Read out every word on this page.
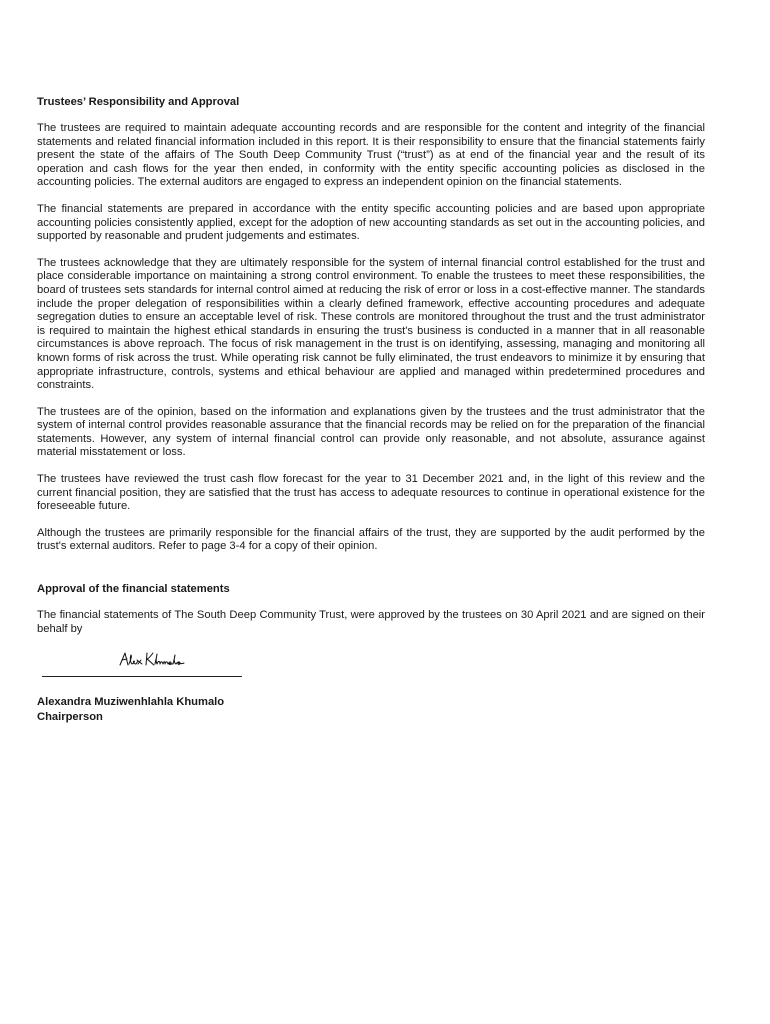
Trustees’ Responsibility and Approval

The trustees are required to maintain adequate accounting records and are responsible for the content and integrity of the financial statements and related financial information included in this report. It is their responsibility to ensure that the financial statements fairly present the state of the affairs of The South Deep Community Trust (“trust”) as at end of the financial year and the result of its operation and cash flows for the year then ended, in conformity with the entity specific accounting policies as disclosed in the accounting policies. The external auditors are engaged to express an independent opinion on the financial statements.

The financial statements are prepared in accordance with the entity specific accounting policies and are based upon appropriate accounting policies consistently applied, except for the adoption of new accounting standards as set out in the accounting policies, and supported by reasonable and prudent judgements and estimates.

The trustees acknowledge that they are ultimately responsible for the system of internal financial control established for the trust and place considerable importance on maintaining a strong control environment. To enable the trustees to meet these responsibilities, the board of trustees sets standards for internal control aimed at reducing the risk of error or loss in a cost-effective manner. The standards include the proper delegation of responsibilities within a clearly defined framework, effective accounting procedures and adequate segregation duties to ensure an acceptable level of risk. These controls are monitored throughout the trust and the trust administrator is required to maintain the highest ethical standards in ensuring the trust's business is conducted in a manner that in all reasonable circumstances is above reproach. The focus of risk management in the trust is on identifying, assessing, managing and monitoring all known forms of risk across the trust. While operating risk cannot be fully eliminated, the trust endeavors to minimize it by ensuring that appropriate infrastructure, controls, systems and ethical behaviour are applied and managed within predetermined procedures and constraints.

The trustees are of the opinion, based on the information and explanations given by the trustees and the trust administrator that the system of internal control provides reasonable assurance that the financial records may be relied on for the preparation of the financial statements. However, any system of internal financial control can provide only reasonable, and not absolute, assurance against material misstatement or loss.

The trustees have reviewed the trust cash flow forecast for the year to 31 December 2021 and, in the light of this review and the current financial position, they are satisfied that the trust has access to adequate resources to continue in operational existence for the foreseeable future.

Although the trustees are primarily responsible for the financial affairs of the trust, they are supported by the audit performed by the trust's external auditors. Refer to page 3-4 for a copy of their opinion.

Approval of the financial statements

The financial statements of The South Deep Community Trust, were approved by the trustees on 30 April 2021 and are signed on their behalf by

Alexandra Muziwenhlahla Khumalo
Chairperson
